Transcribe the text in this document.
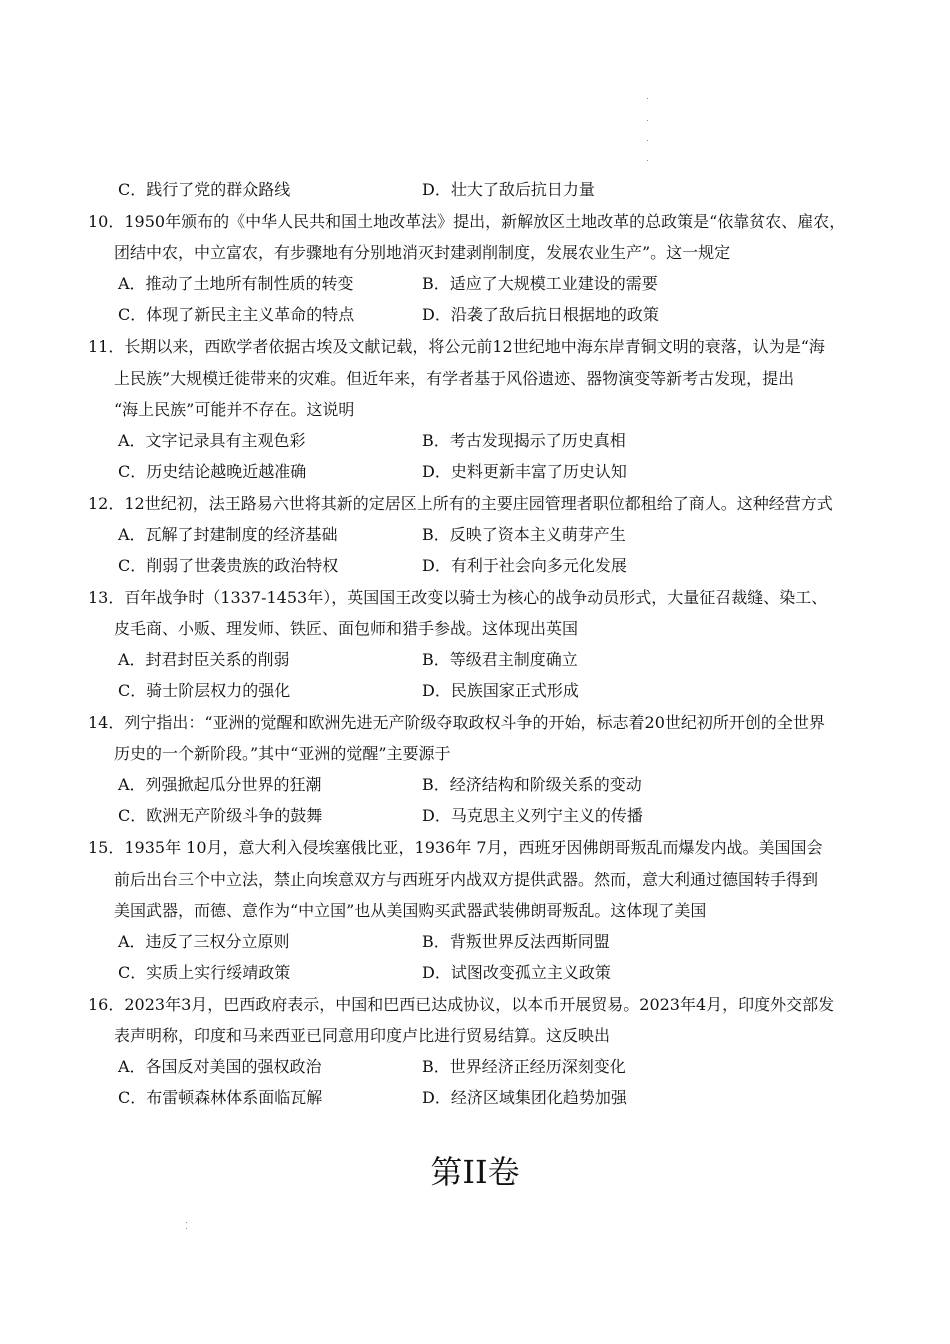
C．践行了党的群众路线	D．壮大了敌后抗日力量
10．1950年颁布的《中华人民共和国土地改革法》提出，新解放区土地改革的总政策是“依靠贫农、雇农，
团结中农，中立富农，有步骤地有分别地消灭封建剥削制度，发展农业生产”。这一规定
A．推动了土地所有制性质的转变	B．适应了大规模工业建设的需要
C．体现了新民主主义革命的特点	D．沿袭了敌后抗日根据地的政策
11．长期以来，西欧学者依据古埃及文献记载，将公元前12世纪地中海东岸青铜文明的衰落，认为是“海
上民族”大规模迁徙带来的灾难。但近年来，有学者基于风俗遗迹、器物演变等新考古发现，提出
“海上民族”可能并不存在。这说明
A．文字记录具有主观色彩	B．考古发现揭示了历史真相
C．历史结论越晚近越准确	D．史料更新丰富了历史认知
12．12世纪初，法王路易六世将其新的定居区上所有的主要庄园管理者职位都租给了商人。这种经营方式
A．瓦解了封建制度的经济基础	B．反映了资本主义萌芽产生
C．削弱了世袭贵族的政治特权	D．有利于社会向多元化发展
13．百年战争时（1337-1453年），英国国王改变以骑士为核心的战争动员形式，大量征召裁缝、染工、
皮毛商、小贩、理发师、铁匠、面包师和猎手参战。这体现出英国
A．封君封臣关系的削弱	B．等级君主制度确立
C．骑士阶层权力的强化	D．民族国家正式形成
14．列宁指出：“亚洲的觉醒和欧洲先进无产阶级夺取政权斗争的开始，标志着20世纪初所开创的全世界
历史的一个新阶段。”其中“亚洲的觉醒”主要源于
A．列强掀起瓜分世界的狂潮	B．经济结构和阶级关系的变动
C．欧洲无产阶级斗争的鼓舞	D．马克思主义列宁主义的传播
15．1935年 10月，意大利入侵埃塞俄比亚，1936年 7月，西班牙因佛朗哥叛乱而爆发内战。美国国会
前后出台三个中立法，禁止向埃意双方与西班牙内战双方提供武器。然而，意大利通过德国转手得到
美国武器，而德、意作为“中立国”也从美国购买武器武装佛朗哥叛乱。这体现了美国
A．违反了三权分立原则	B．背叛世界反法西斯同盟
C．实质上实行绥靖政策	D．试图改变孤立主义政策
16．2023年3月，巴西政府表示，中国和巴西已达成协议，以本币开展贸易。2023年4月，印度外交部发
表声明称，印度和马来西亚已同意用印度卢比进行贸易结算。这反映出
A．各国反对美国的强权政治	B．世界经济正经历深刻变化
C．布雷顿森林体系面临瓦解	D．经济区域集团化趋势加强
第II卷
